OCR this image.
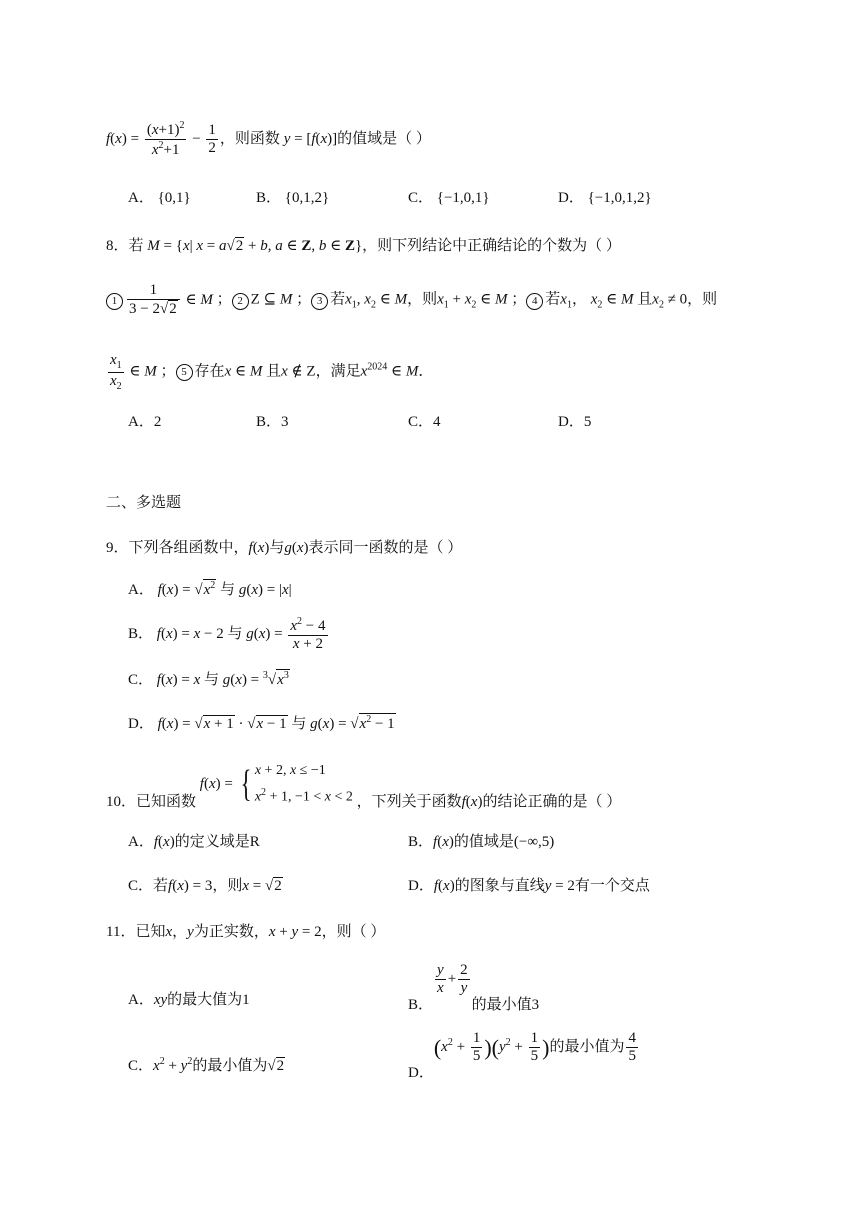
$f(x) = \frac{(x+1)^2}{x^2+1} - \frac{1}{2}$ ，则函数 y = [f(x)]的值域是（ ）
A． {0,1}	B． {0,1,2}	C． {−1,0,1}	D． {−1,0,1,2}
8．若 M = {x| x = a√2 + b, a ∈ Z, b ∈ Z}，则下列结论中正确结论的个数为（ ）
$1 \frac{1}{3 - 2√2}$ ∈ M ； 2 Z ⊆ M ； 3 若$x_1$, $x_2$ ∈ M，则$x_1 + x_2$ ∈ M ； 4 若$x_1$， $x_2$ ∈ M 且$x_2 \ne 0$，则
$\frac{x_1}{x_2}$ ∈ M ； 5 存在x ∈ M 且x ∉ Z，满足$x^{2024}$ ∈ M．
A．2	B．3	C．4	D．5
二、多选题
9．下列各组函数中，f(x)与g(x)表示同一函数的是（ ）
A． $f(x) = √x^2$ 与 g(x) = |x|
B． f(x) = x − 2 与 $g(x) = \frac{x^2 - 4}{x + 2}$
C． f(x) = x 与 $g(x) = ^3√x^3$
D． f(x) = √x + 1 · √x − 1 与 $g(x) = √x^2 - 1$
10．已知函数 f(x) = { x + 2, x ≤ −1
$x^2 + 1$, −1 < x < 2 ，下列关于函数f(x)的结论正确的是（ ）
A．f(x)的定义域是R	B．f(x)的值域是(−∞,5)
C．若f(x) = 3，则x = √2	D．f(x)的图象与直线y = 2有一个交点
11．已知x，y为正实数，x + y = 2，则（ ）
A．xy的最大值为1	B．
$\frac{y}{x} + \frac{2}{y}$
的最小值3
C．$x^2 + y^2$的最小值为√2	D．$(x^2 + \frac{1}{5} )(y^2 + \frac{1}{5}$ )的最小值为 $\frac{4}{5}$
